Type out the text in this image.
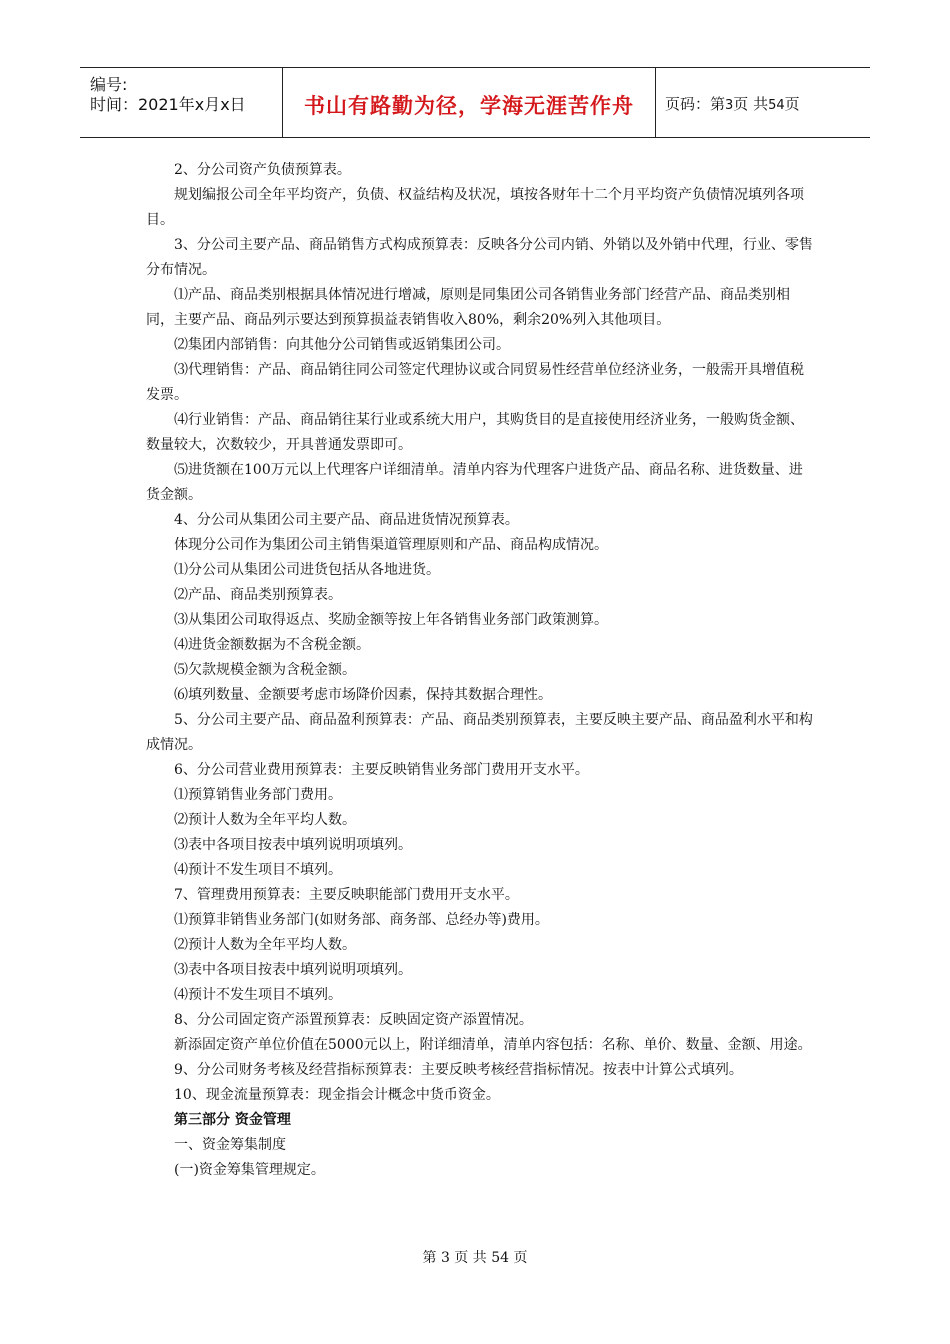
编号:
时间：2021年x月x日	书山有路勤为径，学海无涯苦作舟	页码：第3页 共54页

2、分公司资产负债预算表。

规划编报公司全年平均资产，负债、权益结构及状况，填按各财年十二个月平均资产负债情况填列各项目。

3、分公司主要产品、商品销售方式构成预算表：反映各分公司内销、外销以及外销中代理，行业、零售分布情况。

⑴产品、商品类别根据具体情况进行增减，原则是同集团公司各销售业务部门经营产品、商品类别相同，主要产品、商品列示要达到预算损益表销售收入80%，剩余20%列入其他项目。

⑵集团内部销售：向其他分公司销售或返销集团公司。

⑶代理销售：产品、商品销往同公司签定代理协议或合同贸易性经营单位经济业务，一般需开具增值税发票。

⑷行业销售：产品、商品销往某行业或系统大用户，其购货目的是直接使用经济业务，一般购货金额、数量较大，次数较少，开具普通发票即可。

⑸进货额在100万元以上代理客户详细清单。清单内容为代理客户进货产品、商品名称、进货数量、进货金额。

4、分公司从集团公司主要产品、商品进货情况预算表。

体现分公司作为集团公司主销售渠道管理原则和产品、商品构成情况。

⑴分公司从集团公司进货包括从各地进货。

⑵产品、商品类别预算表。

⑶从集团公司取得返点、奖励金额等按上年各销售业务部门政策测算。

⑷进货金额数据为不含税金额。

⑸欠款规模金额为含税金额。

⑹填列数量、金额要考虑市场降价因素，保持其数据合理性。

5、分公司主要产品、商品盈利预算表：产品、商品类别预算表，主要反映主要产品、商品盈利水平和构成情况。

6、分公司营业费用预算表：主要反映销售业务部门费用开支水平。

⑴预算销售业务部门费用。

⑵预计人数为全年平均人数。

⑶表中各项目按表中填列说明项填列。

⑷预计不发生项目不填列。

7、管理费用预算表：主要反映职能部门费用开支水平。

⑴预算非销售业务部门(如财务部、商务部、总经办等)费用。

⑵预计人数为全年平均人数。

⑶表中各项目按表中填列说明项填列。

⑷预计不发生项目不填列。

8、分公司固定资产添置预算表：反映固定资产添置情况。

新添固定资产单位价值在5000元以上，附详细清单，清单内容包括：名称、单价、数量、金额、用途。

9、分公司财务考核及经营指标预算表：主要反映考核经营指标情况。按表中计算公式填列。

10、现金流量预算表：现金指会计概念中货币资金。

第三部分 资金管理

一、资金筹集制度

(一)资金筹集管理规定。

第 3 页 共 54 页
